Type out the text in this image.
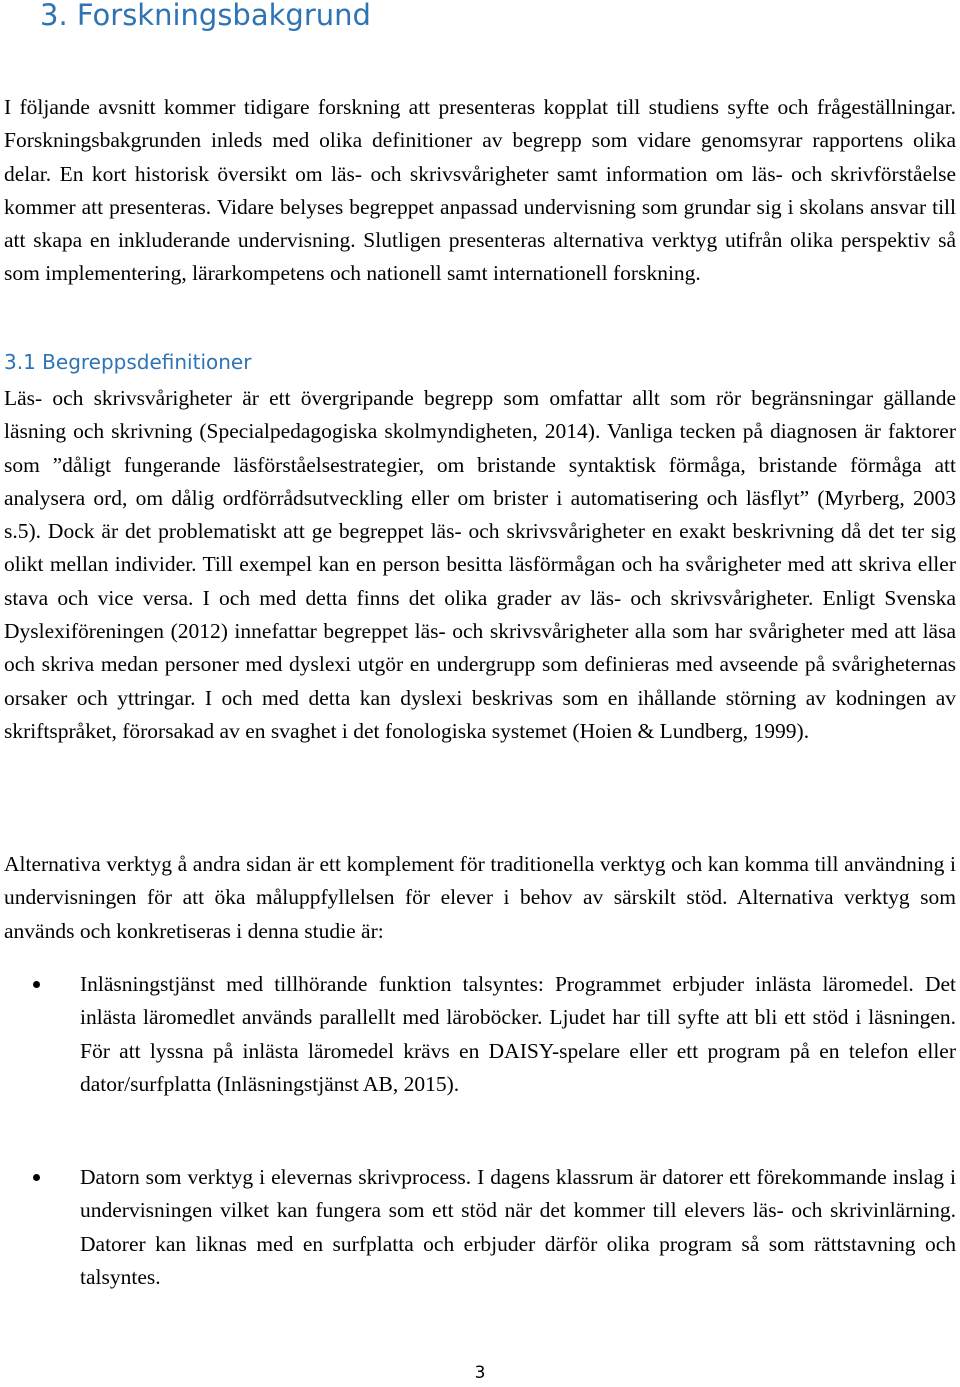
3. Forskningsbakgrund

I följande avsnitt kommer tidigare forskning att presenteras kopplat till studiens syfte och frågeställningar. Forskningsbakgrunden inleds med olika definitioner av begrepp som vidare genomsyrar rapportens olika delar. En kort historisk översikt om läs- och skrivsvårigheter samt information om läs- och skrivförståelse kommer att presenteras. Vidare belyses begreppet anpassad undervisning som grundar sig i skolans ansvar till att skapa en inkluderande undervisning. Slutligen presenteras alternativa verktyg utifrån olika perspektiv så som implementering, lärarkompetens och nationell samt internationell forskning.

3.1 Begreppsdefinitioner

Läs- och skrivsvårigheter är ett övergripande begrepp som omfattar allt som rör begränsningar gällande läsning och skrivning (Specialpedagogiska skolmyndigheten, 2014). Vanliga tecken på diagnosen är faktorer som ”dåligt fungerande läsförståelsestrategier, om bristande syntaktisk förmåga, bristande förmåga att analysera ord, om dålig ordförrådsutveckling eller om brister i automatisering och läsflyt” (Myrberg, 2003 s.5). Dock är det problematiskt att ge begreppet läs- och skrivsvårigheter en exakt beskrivning då det ter sig olikt mellan individer. Till exempel kan en person besitta läsförmågan och ha svårigheter med att skriva eller stava och vice versa. I och med detta finns det olika grader av läs- och skrivsvårigheter. Enligt Svenska Dyslexiföreningen (2012) innefattar begreppet läs- och skrivsvårigheter alla som har svårigheter med att läsa och skriva medan personer med dyslexi utgör en undergrupp som definieras med avseende på svårigheternas orsaker och yttringar. I och med detta kan dyslexi beskrivas som en ihållande störning av kodningen av skriftspråket, förorsakad av en svaghet i det fonologiska systemet (Hoien & Lundberg, 1999).

Alternativa verktyg å andra sidan är ett komplement för traditionella verktyg och kan komma till användning i undervisningen för att öka måluppfyllelsen för elever i behov av särskilt stöd. Alternativa verktyg som används och konkretiseras i denna studie är:

Inläsningstjänst med tillhörande funktion talsyntes: Programmet erbjuder inlästa läromedel. Det inlästa läromedlet används parallellt med läroböcker. Ljudet har till syfte att bli ett stöd i läsningen. För att lyssna på inlästa läromedel krävs en DAISY-spelare eller ett program på en telefon eller dator/surfplatta (Inläsningstjänst AB, 2015).
Datorn som verktyg i elevernas skrivprocess. I dagens klassrum är datorer ett förekommande inslag i undervisningen vilket kan fungera som ett stöd när det kommer till elevers läs- och skrivinlärning. Datorer kan liknas med en surfplatta och erbjuder därför olika program så som rättstavning och talsyntes.
3
